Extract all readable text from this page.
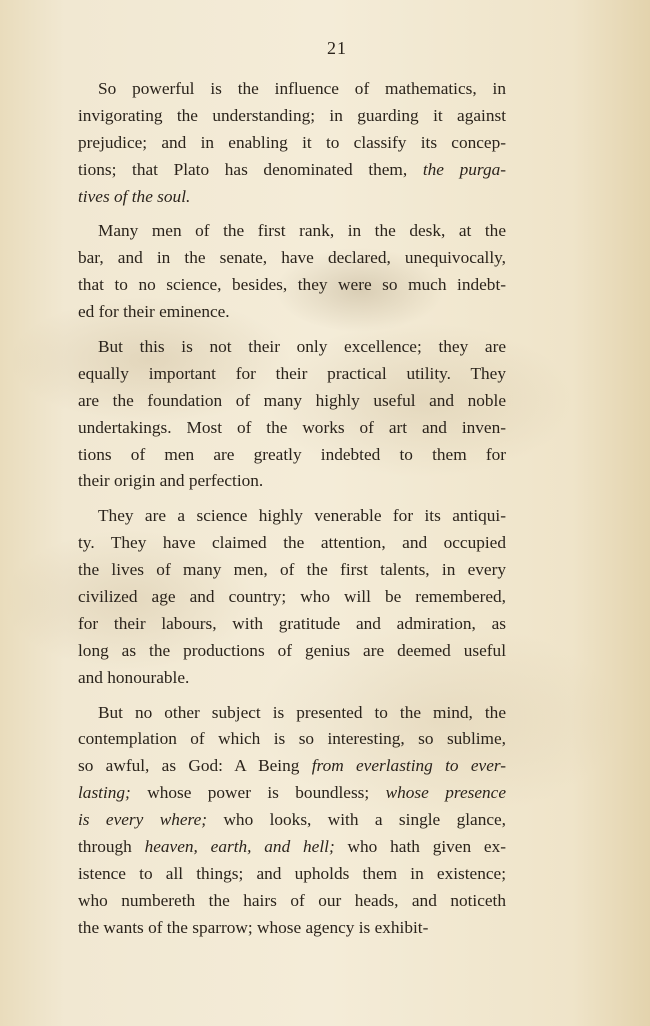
21
So powerful is the influence of mathematics, in
invigorating the understanding; in guarding it against
prejudice; and in enabling it to classify its concep-
tions; that Plato has denominated them, the purga-
tives of the soul.
Many men of the first rank, in the desk, at the
bar, and in the senate, have declared, unequivocally,
that to no science, besides, they were so much indebt-
ed for their eminence.
But this is not their only excellence; they are
equally important for their practical utility. They
are the foundation of many highly useful and noble
undertakings. Most of the works of art and inven-
tions of men are greatly indebted to them for
their origin and perfection.
They are a science highly venerable for its antiqui-
ty. They have claimed the attention, and occupied
the lives of many men, of the first talents, in every
civilized age and country; who will be remembered,
for their labours, with gratitude and admiration, as
long as the productions of genius are deemed useful
and honourable.
But no other subject is presented to the mind, the
contemplation of which is so interesting, so sublime,
so awful, as God: A Being from everlasting to ever-
lasting; whose power is boundless; whose presence
is every where; who looks, with a single glance,
through heaven, earth, and hell; who hath given ex-
istence to all things; and upholds them in existence;
who numbereth the hairs of our heads, and noticeth
the wants of the sparrow; whose agency is exhibit-
